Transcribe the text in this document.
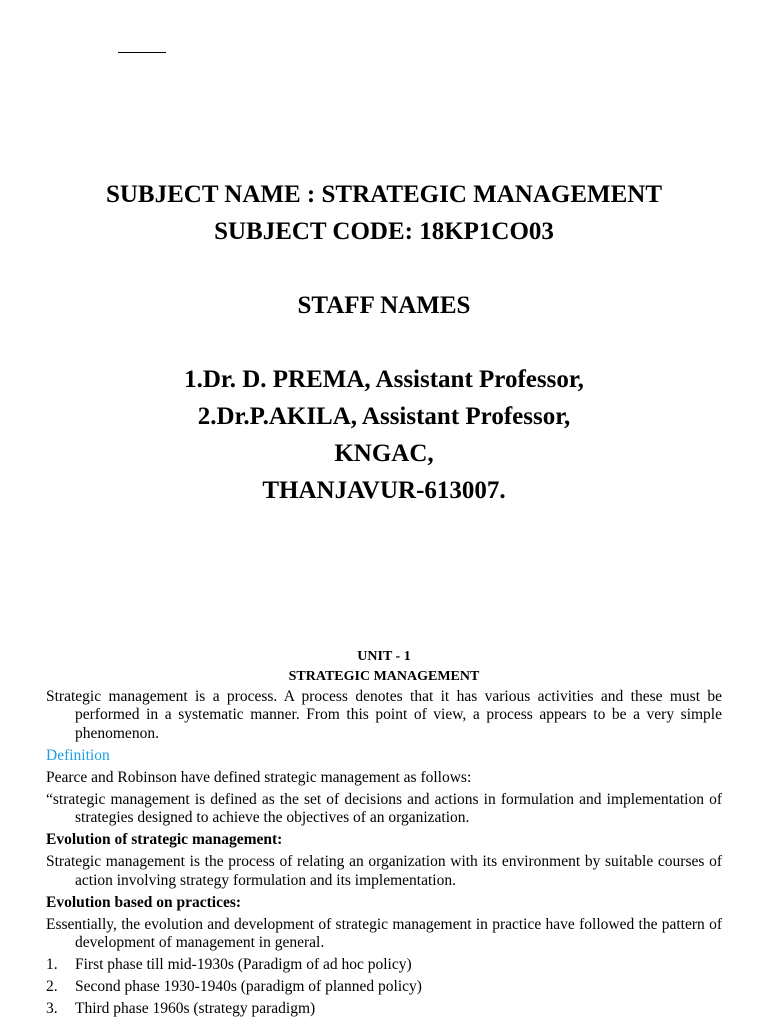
SUBJECT NAME : STRATEGIC MANAGEMENT
SUBJECT CODE: 18KP1CO03
STAFF NAMES
1.Dr. D. PREMA, Assistant Professor,
2.Dr.P.AKILA, Assistant Professor,
KNGAC,
THANJAVUR-613007.
UNIT - 1
STRATEGIC MANAGEMENT

Strategic management is a process. A process denotes that it has various activities and these must be performed in a systematic manner. From this point of view, a process appears to be a very simple phenomenon.

Definition

Pearce and Robinson have defined strategic management as follows:

“strategic management is defined as the set of decisions and actions in formulation and implementation of strategies designed to achieve the objectives of an organization.

Evolution of strategic management:

Strategic management is the process of relating an organization with its environment by suitable courses of action involving strategy formulation and its implementation.

Evolution based on practices:

Essentially, the evolution and development of strategic management in practice have followed the pattern of development of management in general.

1. First phase till mid-1930s (Paradigm of ad hoc policy)
2. Second phase 1930-1940s (paradigm of planned policy)
3. Third phase 1960s (strategy paradigm)
